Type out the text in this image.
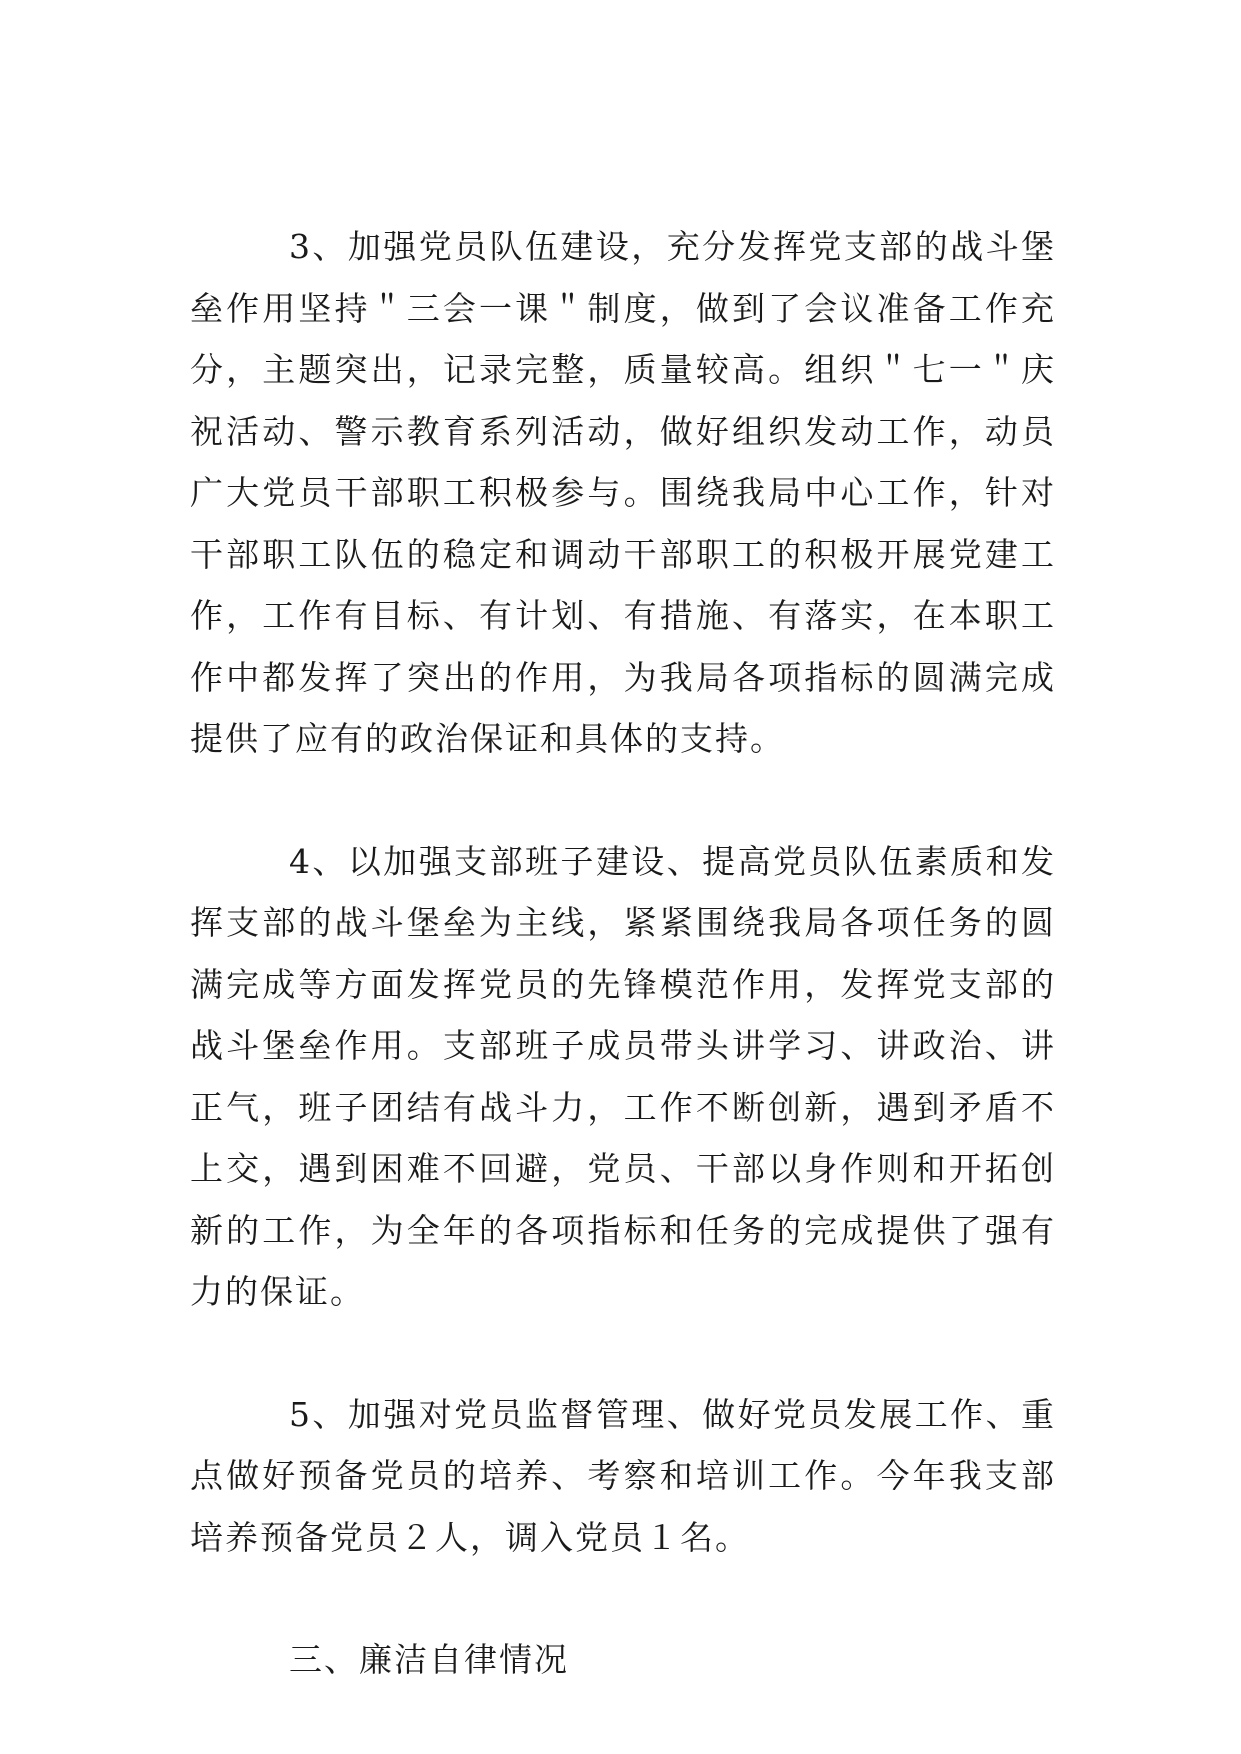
3、加强党员队伍建设，充分发挥党支部的战斗堡垒作用坚持＂三会一课＂制度，做到了会议准备工作充分，主题突出，记录完整，质量较高。组织＂七一＂庆祝活动、警示教育系列活动，做好组织发动工作，动员广大党员干部职工积极参与。围绕我局中心工作，针对干部职工队伍的稳定和调动干部职工的积极开展党建工作，工作有目标、有计划、有措施、有落实，在本职工作中都发挥了突出的作用，为我局各项指标的圆满完成提供了应有的政治保证和具体的支持。

4、以加强支部班子建设、提高党员队伍素质和发挥支部的战斗堡垒为主线，紧紧围绕我局各项任务的圆满完成等方面发挥党员的先锋模范作用，发挥党支部的战斗堡垒作用。支部班子成员带头讲学习、讲政治、讲正气，班子团结有战斗力，工作不断创新，遇到矛盾不上交，遇到困难不回避，党员、干部以身作则和开拓创新的工作，为全年的各项指标和任务的完成提供了强有力的保证。

5、加强对党员监督管理、做好党员发展工作、重点做好预备党员的培养、考察和培训工作。今年我支部培养预备党员２人，调入党员１名。

三、廉洁自律情况
